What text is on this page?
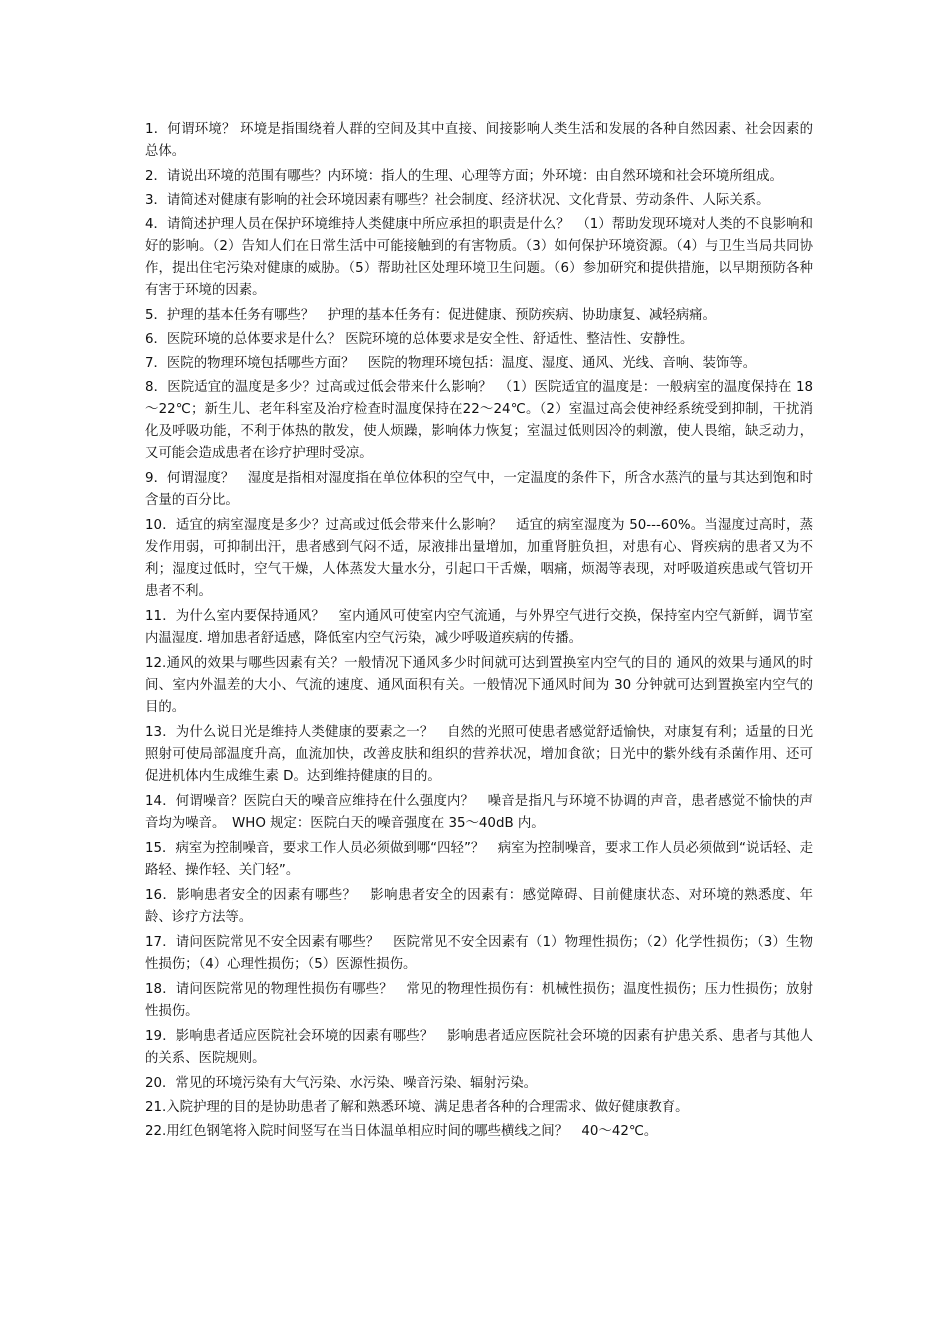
1．何谓环境？ 环境是指围绕着人群的空间及其中直接、间接影响人类生活和发展的各种自然因素、社会因素的总体。

2．请说出环境的范围有哪些？内环境：指人的生理、心理等方面；外环境：由自然环境和社会环境所组成。

3．请简述对健康有影响的社会环境因素有哪些？社会制度、经济状况、文化背景、劳动条件、人际关系。

4．请简述护理人员在保护环境维持人类健康中所应承担的职责是什么？　（1）帮助发现环境对人类的不良影响和好的影响。（2）告知人们在日常生活中可能接触到的有害物质。（3）如何保护环境资源。（4）与卫生当局共同协作，提出住宅污染对健康的威胁。（5）帮助社区处理环境卫生问题。（6）参加研究和提供措施，以早期预防各种有害于环境的因素。

5．护理的基本任务有哪些？　护理的基本任务有：促进健康、预防疾病、协助康复、减轻病痛。

6．医院环境的总体要求是什么？ 医院环境的总体要求是安全性、舒适性、整洁性、安静性。

7．医院的物理环境包括哪些方面？　医院的物理环境包括：温度、湿度、通风、光线、音响、装饰等。

8．医院适宜的温度是多少？过高或过低会带来什么影响？　（1）医院适宜的温度是：一般病室的温度保持在 18～22℃；新生儿、老年科室及治疗检查时温度保持在22～24℃。（2）室温过高会使神经系统受到抑制，干扰消化及呼吸功能，不利于体热的散发，使人烦躁，影响体力恢复；室温过低则因冷的刺激，使人畏缩，缺乏动力，又可能会造成患者在诊疗护理时受凉。

9．何谓湿度？　湿度是指相对湿度指在单位体积的空气中，一定温度的条件下，所含水蒸汽的量与其达到饱和时含量的百分比。

10．适宜的病室湿度是多少？过高或过低会带来什么影响？　适宜的病室湿度为 50---60%。当湿度过高时，蒸发作用弱，可抑制出汗，患者感到气闷不适，尿液排出量增加，加重肾脏负担，对患有心、肾疾病的患者又为不利；湿度过低时，空气干燥，人体蒸发大量水分，引起口干舌燥，咽痛，烦渴等表现，对呼吸道疾患或气管切开患者不利。

11．为什么室内要保持通风？　室内通风可使室内空气流通，与外界空气进行交换，保持室内空气新鲜，调节室内温湿度. 增加患者舒适感，降低室内空气污染，减少呼吸道疾病的传播。

12.通风的效果与哪些因素有关？一般情况下通风多少时间就可达到置换室内空气的目的 通风的效果与通风的时间、室内外温差的大小、气流的速度、通风面积有关。一般情况下通风时间为 30 分钟就可达到置换室内空气的目的。

13．为什么说日光是维持人类健康的要素之一？　自然的光照可使患者感觉舒适愉快，对康复有利；适量的日光照射可使局部温度升高，血流加快，改善皮肤和组织的营养状况，增加食欲；日光中的紫外线有杀菌作用、还可促进机体内生成维生素 D。达到维持健康的目的。

14．何谓噪音？医院白天的噪音应维持在什么强度内？　噪音是指凡与环境不协调的声音，患者感觉不愉快的声音均为噪音。　WHO 规定：医院白天的噪音强度在 35～40dB 内。

15．病室为控制噪音，要求工作人员必须做到哪“四轻”？　病室为控制噪音，要求工作人员必须做到“说话轻、走路轻、操作轻、关门轻”。

16．影响患者安全的因素有哪些？　影响患者安全的因素有：感觉障碍、目前健康状态、对环境的熟悉度、年龄、诊疗方法等。

17．请问医院常见不安全因素有哪些？　医院常见不安全因素有（1）物理性损伤；（2）化学性损伤；（3）生物性损伤；（4）心理性损伤；（5）医源性损伤。

18．请问医院常见的物理性损伤有哪些？　常见的物理性损伤有：机械性损伤；温度性损伤；压力性损伤；放射性损伤。

19．影响患者适应医院社会环境的因素有哪些？　影响患者适应医院社会环境的因素有护患关系、患者与其他人的关系、医院规则。

20．常见的环境污染有大气污染、水污染、噪音污染、辐射污染。

21.入院护理的目的是协助患者了解和熟悉环境、满足患者各种的合理需求、做好健康教育。

22.用红色钢笔将入院时间竖写在当日体温单相应时间的哪些横线之间？　40～42℃。
